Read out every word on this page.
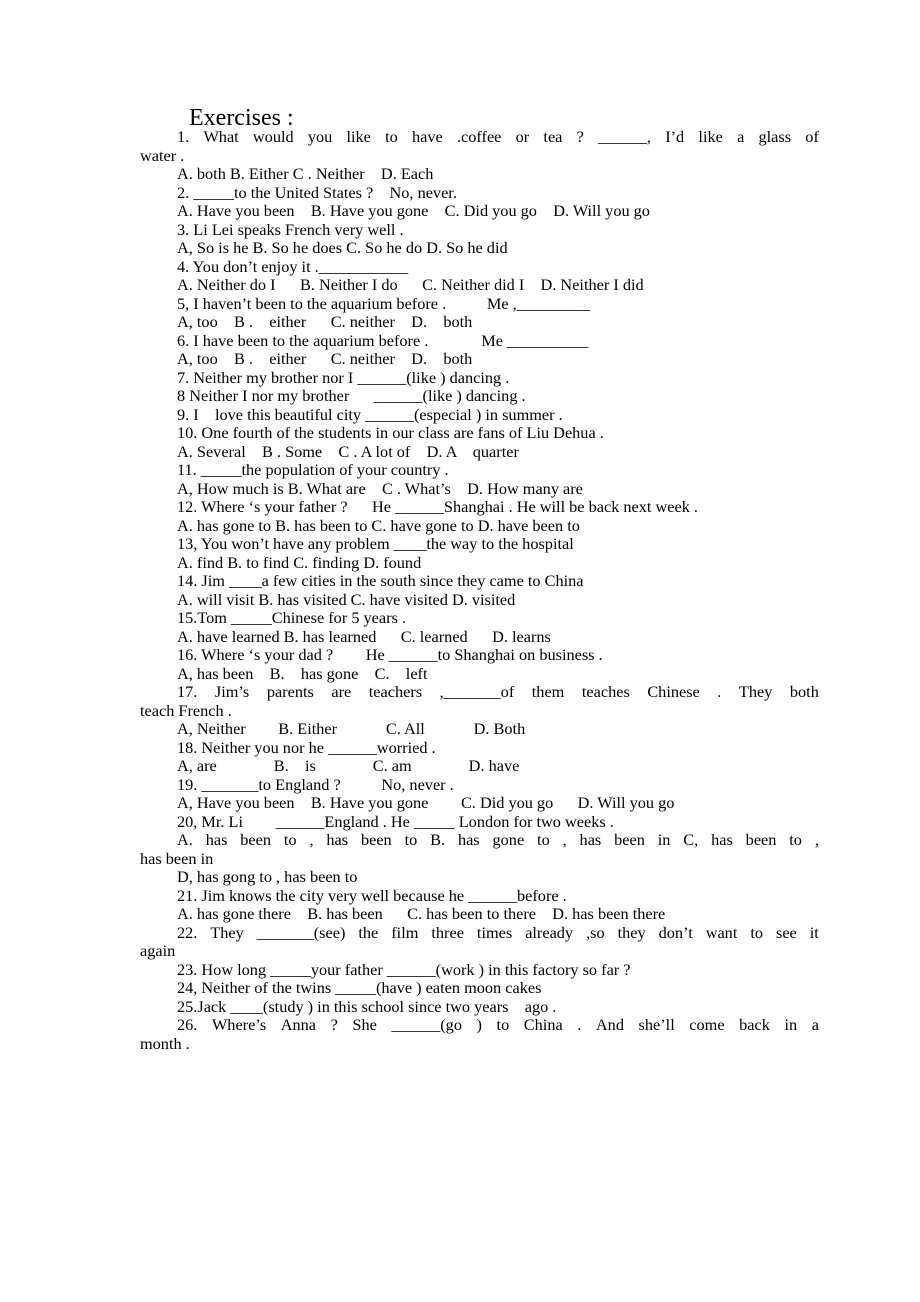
Exercises :
1. What would you like to have .coffee or tea ? ______, I’d like a glass of
water .
A. both B. Either C . Neither    D. Each
2. _____to the United States ?    No, never.
A. Have you been    B. Have you gone    C. Did you go    D. Will you go
3. Li Lei speaks French very well .
A, So is he B. So he does C. So he do D. So he did
4. You don’t enjoy it .___________
A. Neither do I      B. Neither I do      C. Neither did I    D. Neither I did
5, I haven’t been to the aquarium before .          Me ,_________
A, too    B .    either      C. neither    D.    both
6. I have been to the aquarium before .             Me __________
A, too    B .    either      C. neither    D.    both
7. Neither my brother nor I ______(like ) dancing .
8 Neither I nor my brother      ______(like ) dancing .
9. I    love this beautiful city ______(especial ) in summer .
10. One fourth of the students in our class are fans of Liu Dehua .
A. Several    B . Some    C . A lot of    D. A    quarter
11. _____the population of your country .
A, How much is B. What are    C . What’s    D. How many are
12. Where ‘s your father ?      He ______Shanghai . He will be back next week .
A. has gone to B. has been to C. have gone to D. have been to
13, You won’t have any problem ____the way to the hospital
A. find B. to find C. finding D. found
14. Jim ____a few cities in the south since they came to China
A. will visit B. has visited C. have visited D. visited
15.Tom _____Chinese for 5 years .
A. have learned B. has learned      C. learned      D. learns
16. Where ‘s your dad ?        He ______to Shanghai on business .
A, has been    B.    has gone    C.    left
17. Jim’s parents are teachers ,_______of them teaches Chinese . They both
teach French .
A, Neither        B. Either            C. All            D. Both
18. Neither you nor he ______worried .
A, are              B.    is              C. am              D. have
19. _______to England ?          No, never .
A, Have you been    B. Have you gone        C. Did you go      D. Will you go
20, Mr. Li        ______England . He _____ London for two weeks .
A. has been to , has been to B. has gone to , has been in C, has been to ,
has been in
D, has gong to , has been to
21. Jim knows the city very well because he ______before .
A. has gone there    B. has been      C. has been to there    D. has been there
22. They _______(see) the film three times already ,so they don’t want to see it
again
23. How long _____your father ______(work ) in this factory so far ?
24, Neither of the twins _____(have ) eaten moon cakes
25.Jack ____(study ) in this school since two years    ago .
26. Where’s Anna ? She ______(go ) to China . And she’ll come back in a
month .
